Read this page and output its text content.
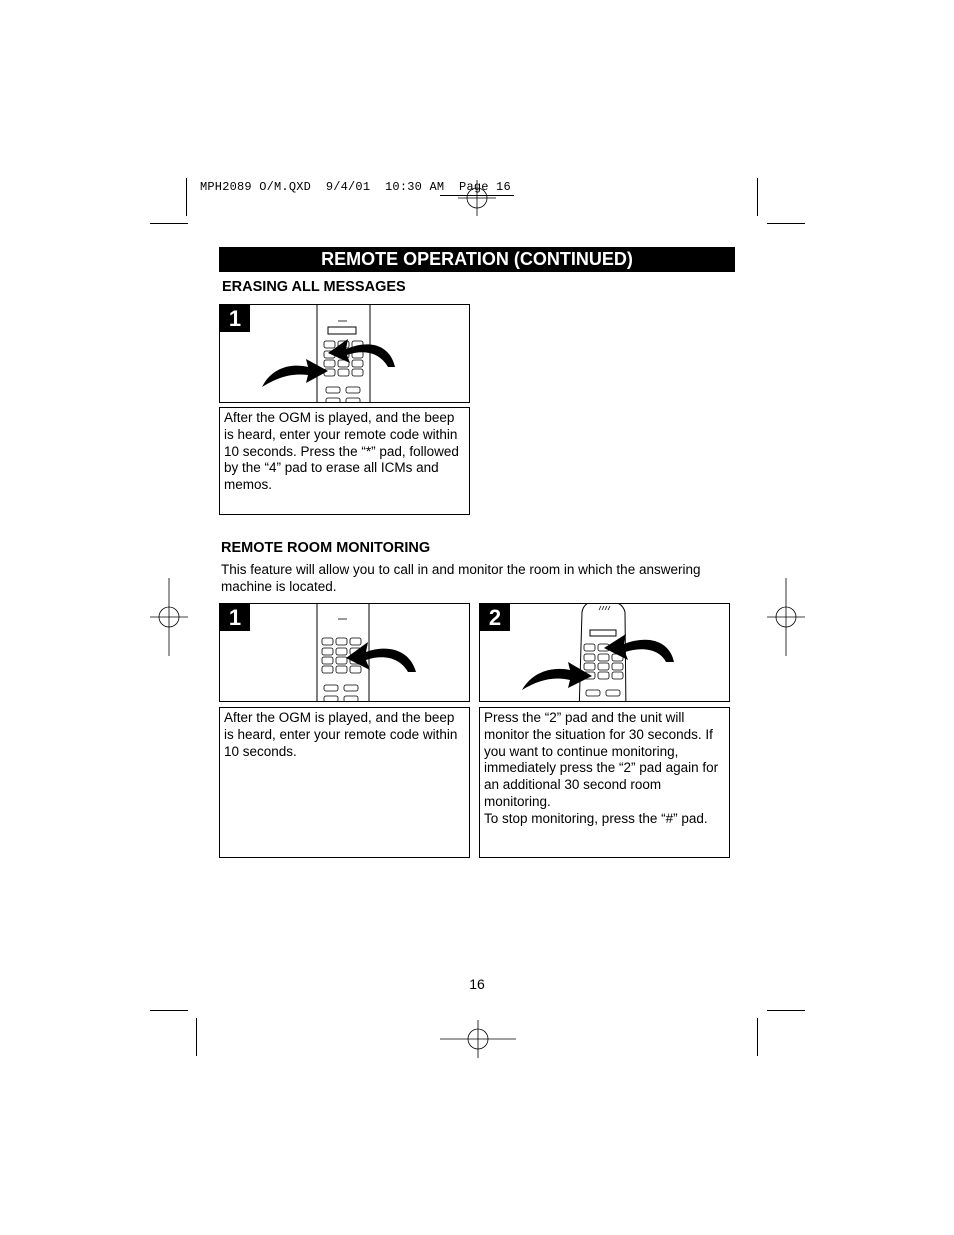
MPH2089 O/M.QXD  9/4/01  10:30 AM  Page 16
REMOTE OPERATION (CONTINUED)
ERASING ALL MESSAGES
1

After the OGM is played, and the beep is heard, enter your remote code within 10 seconds. Press the “*” pad, followed by the “4” pad to erase all ICMs and memos.

REMOTE ROOM MONITORING
This feature will allow you to call in and monitor the room in which the answering machine is located.
1	2

After the OGM is played, and the beep is heard, enter your remote code within 10 seconds.

Press the “2” pad and the unit will monitor the situation for 30 seconds. If you want to continue monitoring, immediately press the “2” pad again for an additional 30 second room monitoring.

To stop monitoring, press the “#” pad.

16
